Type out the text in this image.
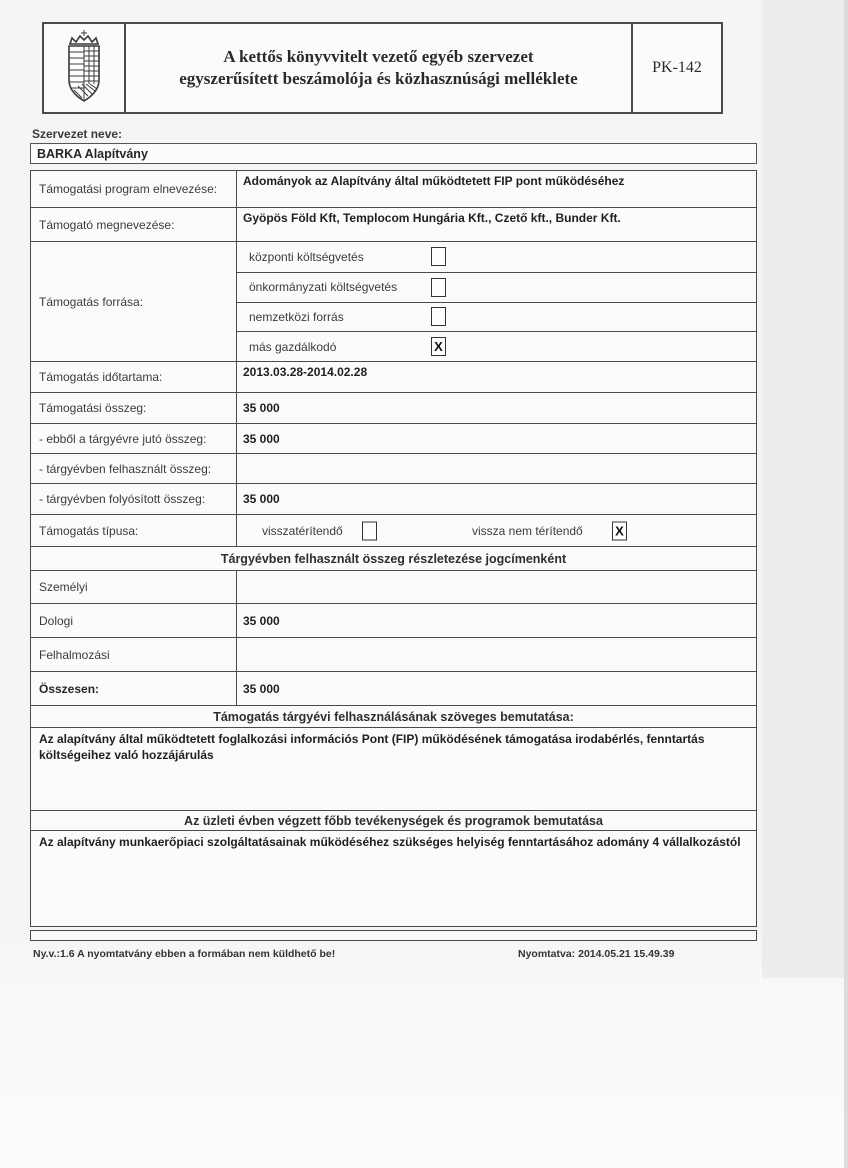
A kettős könyvvitelt vezető egyéb szervezet
egyszerűsített beszámolója és közhasznúsági melléklete
PK-142
Szervezet neve:
BARKA Alapítvány
Támogatási program elnevezése:
Adományok az Alapítvány által működtetett FIP pont működéséhez
Támogató megnevezése:	Gyöpös Föld Kft, Templocom Hungária Kft., Czető kft., Bunder Kft.
Támogatás forrása:
központi költségvetés
önkormányzati költségvetés
nemzetközi forrás
más gazdálkodó	X
Támogatás időtartama:	2013.03.28-2014.02.28
Támogatási összeg:	35 000
- ebből a tárgyévre jutó összeg:	35 000
- tárgyévben felhasznált összeg:
- tárgyévben folyósított összeg:	35 000
Támogatás típusa:	visszatérítendő	vissza nem térítendő X
Tárgyévben felhasznált összeg részletezése jogcímenként
Személyi
Dologi	35 000
Felhalmozási
Összesen:	35 000
Támogatás tárgyévi felhasználásának szöveges bemutatása:
Az alapítvány által működtetett foglalkozási információs Pont (FIP) működésének támogatása irodabérlés, fenntartás költségeihez való hozzájárulás
Az üzleti évben végzett főbb tevékenységek és programok bemutatása
Az alapítvány munkaerőpiaci szolgáltatásainak működéséhez szükséges helyiség fenntartásához adomány 4 vállalkozástól
Ny.v.:1.6 A nyomtatvány ebben a formában nem küldhető be!	Nyomtatva: 2014.05.21 15.49.39
